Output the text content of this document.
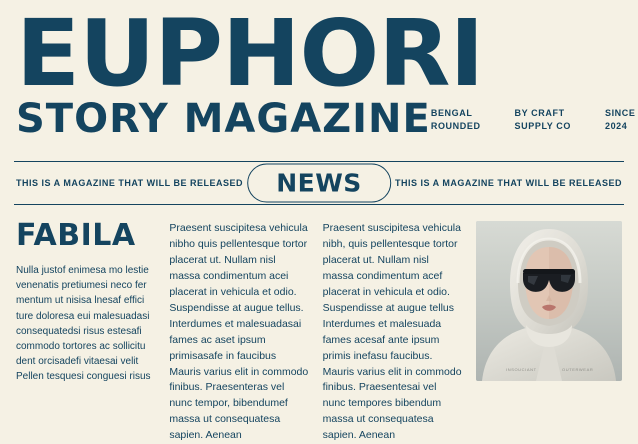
EUPHORI
STORY MAGAZINE BENGAL
ROUNDED
BY CRAFT
SUPPLY CO
SINCE
2024
THIS IS A MAGAZINE THAT WILL BE RELEASED	THIS IS A MAGAZINE THAT WILL BE RELEASED
NEWS
FABILA

Nulla justof enimesa mo lestie venenatis pretiumesi neco fer mentum ut nisisa lnesaf effici ture doloresa eui malesuadasi consequatedsi risus estesafi commodo tortores ac sollicitu dent orcisadefi vitaesai velit Pellen tesquesi conguesi risus

Praesent suscipitesa vehicula nibho quis pellentesque tortor placerat ut. Nullam nisl massa condimentum acei placerat in vehicula et odio. Suspendisse at augue tellus. Interdumes et malesuadasai fames ac aset ipsum primisasafe in faucibus Mauris varius elit in commodo finibus. Praesenteras vel nunc tempor, bibendumef massa ut consequatesa sapien. Aenean

Praesent suscipitesa vehicula nibh, quis pellentesque tortor placerat ut. Nullam nisl massa condimentum acef placerat in vehicula et odio. Suspendisse at augue tellus Interdumes et malesuada fames acesaf ante ipsum primis inefasu faucibus. Mauris varius elit in commodo finibus. Praesentesai vel nunc tempores bibendum massa ut consequatesa sapien. Aenean

INSOUCIANT	OUTERWEAR
